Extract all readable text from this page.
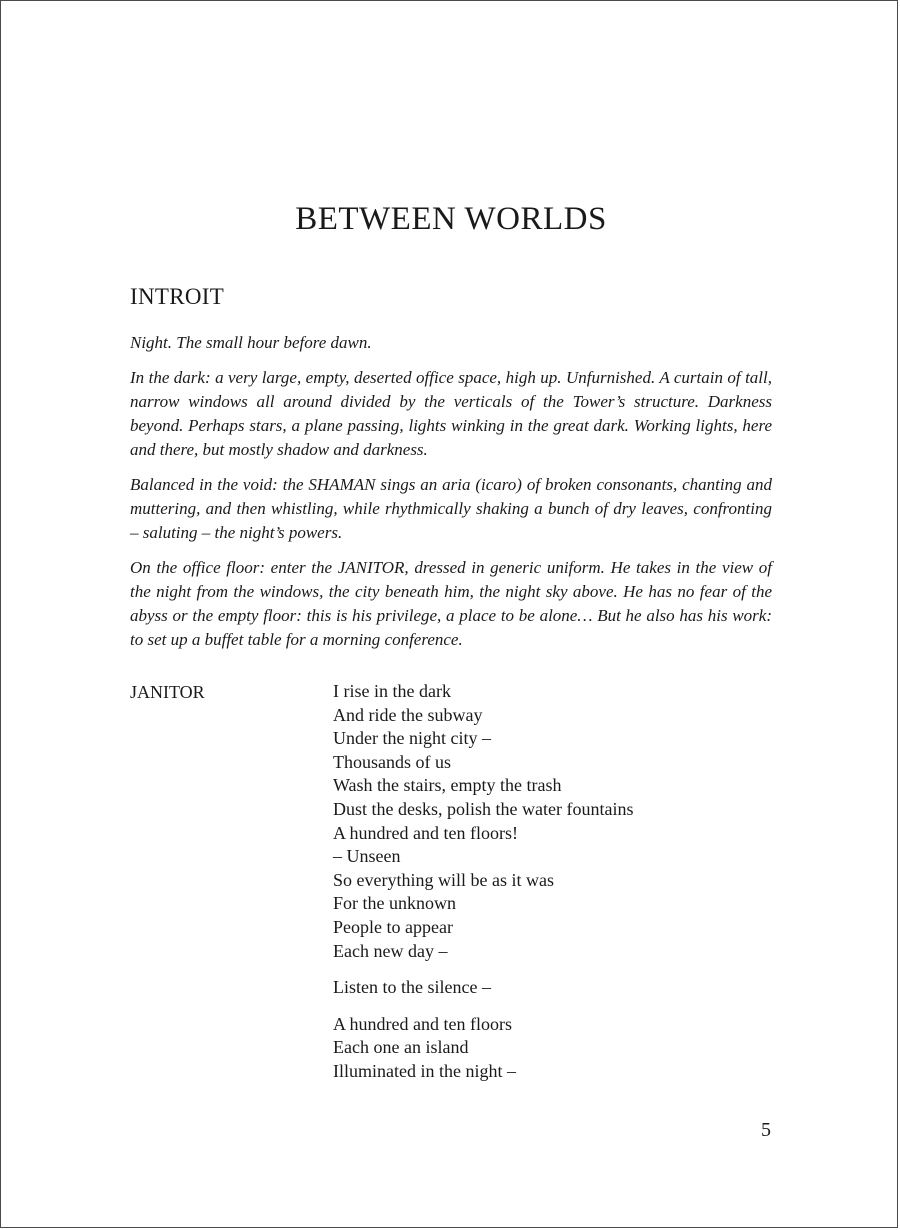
BETWEEN WORLDS
INTROIT

Night. The small hour before dawn.

In the dark: a very large, empty, deserted office space, high up. Unfurnished. A curtain of tall, narrow windows all around divided by the verticals of the Tower’s structure. Darkness beyond. Perhaps stars, a plane passing, lights winking in the great dark. Working lights, here and there, but mostly shadow and darkness.

Balanced in the void: the SHAMAN sings an aria (icaro) of broken consonants, chanting and muttering, and then whistling, while rhythmically shaking a bunch of dry leaves, confronting – saluting – the night’s powers.

On the office floor: enter the JANITOR, dressed in generic uniform. He takes in the view of the night from the windows, the city beneath him, the night sky above. He has no fear of the abyss or the empty floor: this is his privilege, a place to be alone… But he also has his work: to set up a buffet table for a morning conference.

JANITOR	I rise in the dark
And ride the subway
Under the night city –
Thousands of us
Wash the stairs, empty the trash
Dust the desks, polish the water fountains
A hundred and ten floors!
– Unseen
So everything will be as it was
For the unknown
People to appear
Each new day –
Listen to the silence –
A hundred and ten floors
Each one an island
Illuminated in the night –
5
